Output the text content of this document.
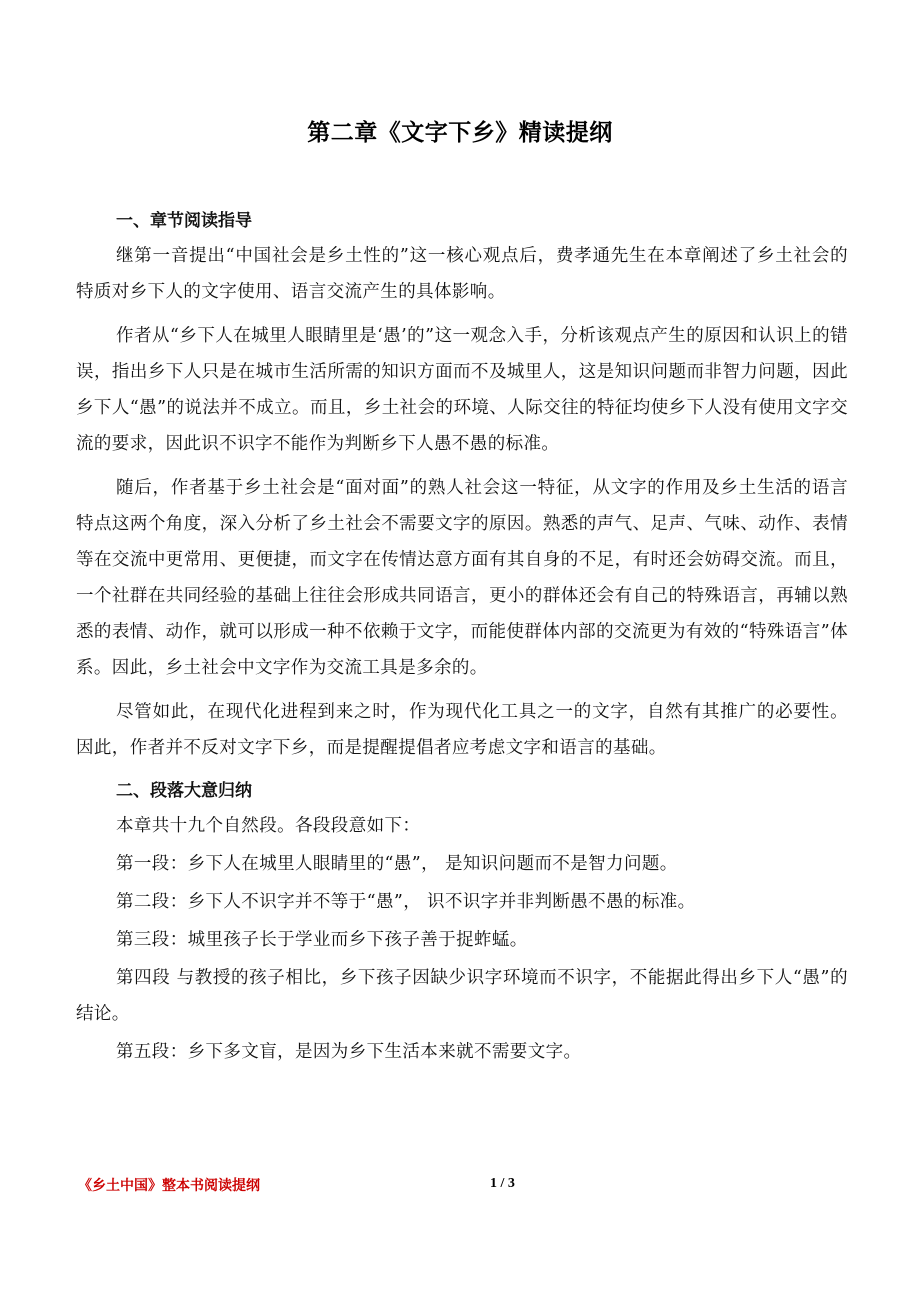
第二章《文字下乡》精读提纲
一、章节阅读指导

继第一音提出“中国社会是乡土性的”这一核心观点后，费孝通先生在本章阐述了乡土社会的特质对乡下人的文字使用、语言交流产生的具体影响。

作者从“乡下人在城里人眼睛里是‘愚’的”这一观念入手，分析该观点产生的原因和认识上的错误，指出乡下人只是在城市生活所需的知识方面而不及城里人，这是知识问题而非智力问题，因此乡下人“愚”的说法并不成立。而且，乡土社会的环境、人际交往的特征均使乡下人没有使用文字交流的要求，因此识不识字不能作为判断乡下人愚不愚的标准。

随后，作者基于乡土社会是“面对面”的熟人社会这一特征，从文字的作用及乡土生活的语言特点这两个角度，深入分析了乡土社会不需要文字的原因。熟悉的声气、足声、气味、动作、表情等在交流中更常用、更便捷，而文字在传情达意方面有其自身的不足，有时还会妨碍交流。而且，一个社群在共同经验的基础上往往会形成共同语言，更小的群体还会有自己的特殊语言，再辅以熟悉的表情、动作，就可以形成一种不依赖于文字，而能使群体内部的交流更为有效的“特殊语言”体系。因此，乡土社会中文字作为交流工具是多余的。

尽管如此，在现代化进程到来之时，作为现代化工具之一的文字，自然有其推广的必要性。因此，作者并不反对文字下乡，而是提醒提倡者应考虑文字和语言的基础。

二、段落大意归纳

本章共十九个自然段。各段段意如下：

第一段：乡下人在城里人眼睛里的“愚”， 是知识问题而不是智力问题。

第二段：乡下人不识字并不等于“愚”， 识不识字并非判断愚不愚的标准。

第三段：城里孩子长于学业而乡下孩子善于捉蚱蜢。

第四段 与教授的孩子相比，乡下孩子因缺少识字环境而不识字，不能据此得出乡下人“愚”的结论。

第五段：乡下多文盲，是因为乡下生活本来就不需要文字。

《乡土中国》整本书阅读提纲	1 / 3
